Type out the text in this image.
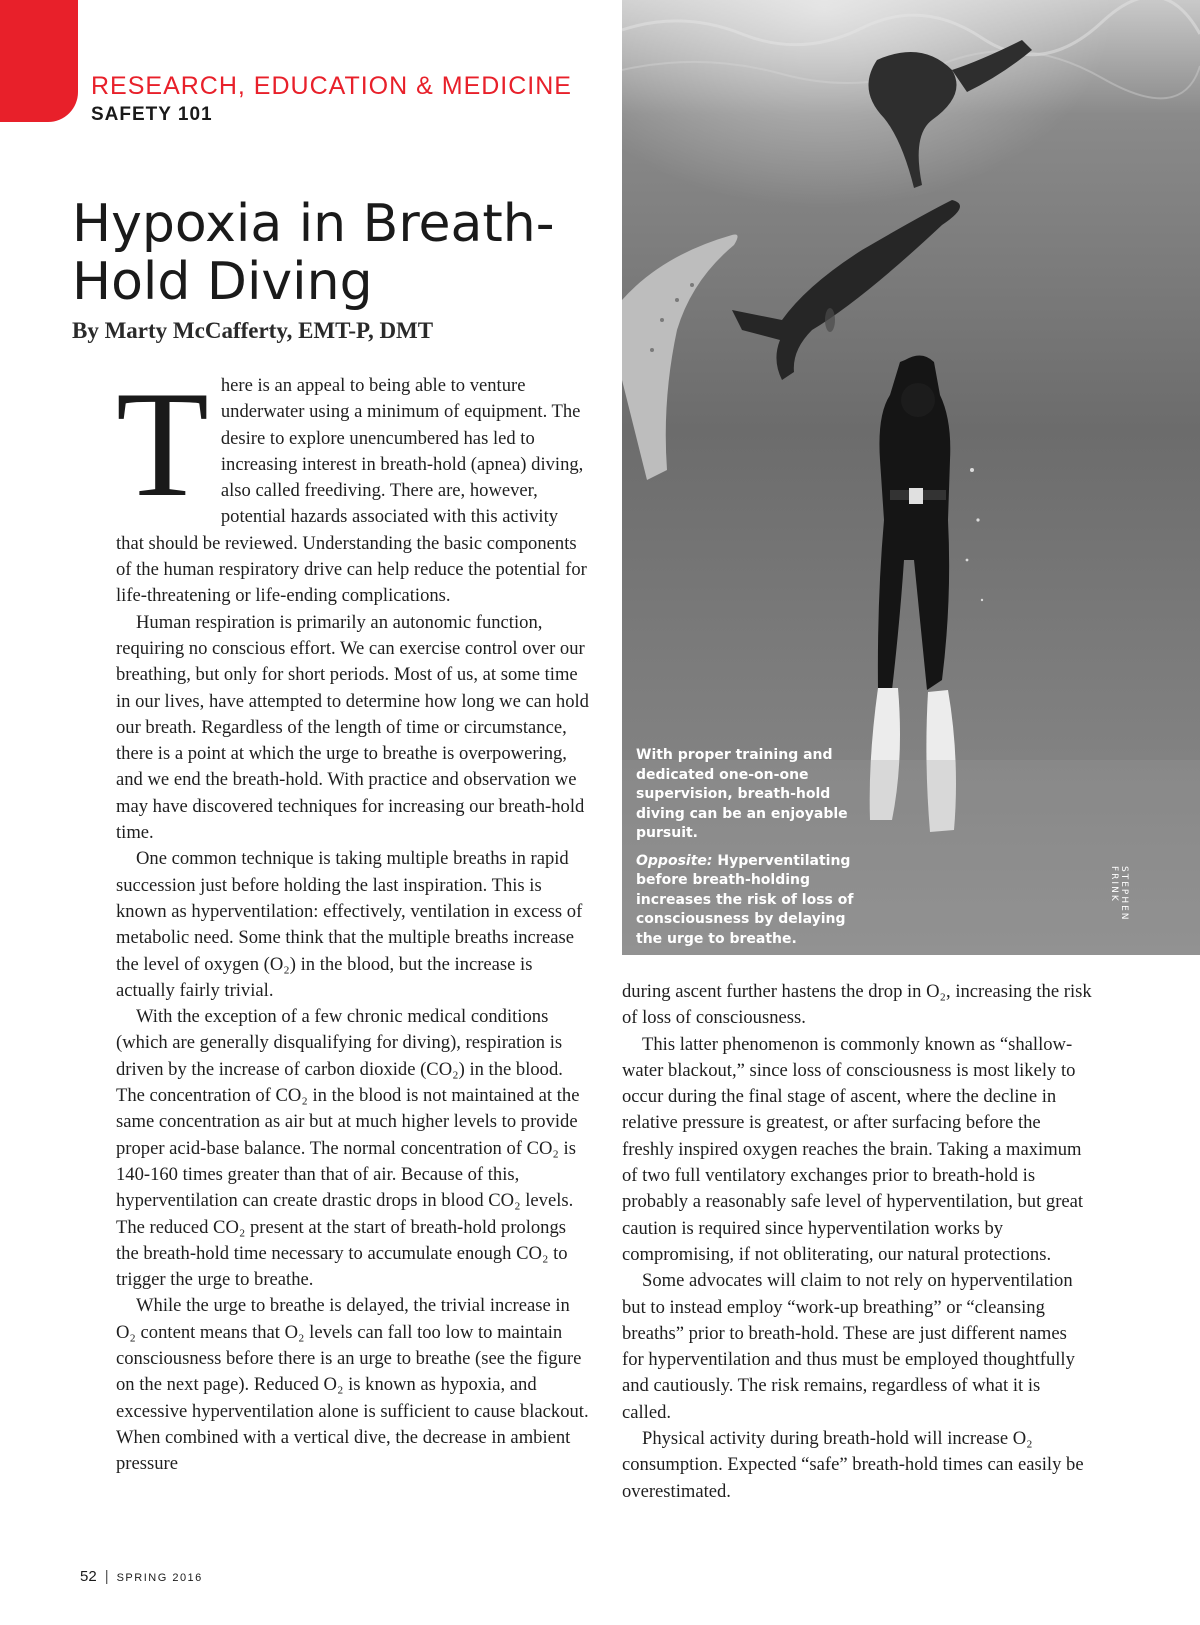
RESEARCH, EDUCATION & MEDICINE
SAFETY 101
Hypoxia in Breath-
Hold Diving
By Marty McCafferty, EMT-P, DMT

There is an appeal to being able to venture underwater using a minimum of equipment. The desire to explore unencumbered has led to increasing interest in breath-hold (apnea) diving, also called freediving. There are, however, potential hazards associated with this activity that should be reviewed. Understanding the basic components of the human respiratory drive can help reduce the potential for life-threatening or life-ending complications.

Human respiration is primarily an autonomic function, requiring no conscious effort. We can exercise control over our breathing, but only for short periods. Most of us, at some time in our lives, have attempted to determine how long we can hold our breath. Regardless of the length of time or circumstance, there is a point at which the urge to breathe is overpowering, and we end the breath-hold. With practice and observation we may have discovered techniques for increasing our breath-hold time.

One common technique is taking multiple breaths in rapid succession just before holding the last inspiration. This is known as hyperventilation: effectively, ventilation in excess of metabolic need. Some think that the multiple breaths increase the level of oxygen (O₂) in the blood, but the increase is actually fairly trivial.

With the exception of a few chronic medical conditions (which are generally disqualifying for diving), respiration is driven by the increase of carbon dioxide (CO₂) in the blood. The concentration of CO₂ in the blood is not maintained at the same concentration as air but at much higher levels to provide proper acid-base balance. The normal concentration of CO₂ is 140-160 times greater than that of air. Because of this, hyperventilation can create drastic drops in blood CO₂ levels. The reduced CO₂ present at the start of breath-hold prolongs the breath-hold time necessary to accumulate enough CO₂ to trigger the urge to breathe.

While the urge to breathe is delayed, the trivial increase in O₂ content means that O₂ levels can fall too low to maintain consciousness before there is an urge to breathe (see the figure on the next page). Reduced O₂ is known as hypoxia, and excessive hyperventilation alone is sufficient to cause blackout. When combined with a vertical dive, the decrease in ambient pressure

With proper training and dedicated one-on-one supervision, breath-hold diving can be an enjoyable pursuit.

Opposite: Hyperventilating before breath-holding increases the risk of loss of consciousness by delaying the urge to breathe.

STEPHEN FRINK

during ascent further hastens the drop in O₂, increasing the risk of loss of consciousness.

This latter phenomenon is commonly known as “shallow-water blackout,” since loss of consciousness is most likely to occur during the final stage of ascent, where the decline in relative pressure is greatest, or after surfacing before the freshly inspired oxygen reaches the brain. Taking a maximum of two full ventilatory exchanges prior to breath-hold is probably a reasonably safe level of hyperventilation, but great caution is required since hyperventilation works by compromising, if not obliterating, our natural protections.

Some advocates will claim to not rely on hyperventilation but to instead employ “work-up breathing” or “cleansing breaths” prior to breath-hold. These are just different names for hyperventilation and thus must be employed thoughtfully and cautiously. The risk remains, regardless of what it is called.

Physical activity during breath-hold will increase O₂ consumption. Expected “safe” breath-hold times can easily be overestimated.

52 | SPRING 2016
